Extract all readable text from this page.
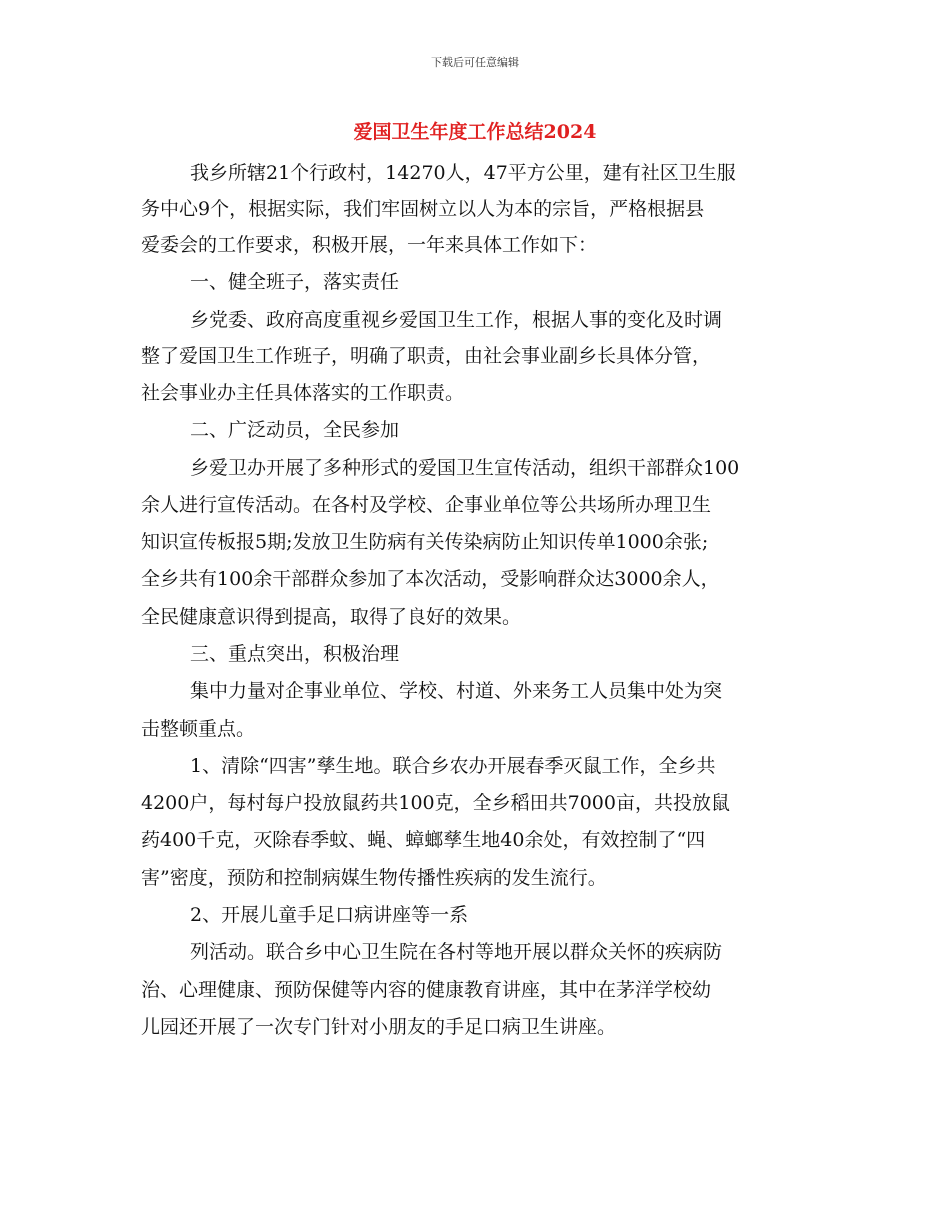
下载后可任意编辑
爱国卫生年度工作总结2024
我乡所辖21个行政村，14270人，47平方公里，建有社区卫生服
务中心9个，根据实际，我们牢固树立以人为本的宗旨，严格根据县
爱委会的工作要求，积极开展，一年来具体工作如下：
一、健全班子，落实责任
乡党委、政府高度重视乡爱国卫生工作，根据人事的变化及时调
整了爱国卫生工作班子，明确了职责，由社会事业副乡长具体分管，
社会事业办主任具体落实的工作职责。
二、广泛动员，全民参加
乡爱卫办开展了多种形式的爱国卫生宣传活动，组织干部群众100
余人进行宣传活动。在各村及学校、企事业单位等公共场所办理卫生
知识宣传板报5期;发放卫生防病有关传染病防止知识传单1000余张;
全乡共有100余干部群众参加了本次活动，受影响群众达3000余人，
全民健康意识得到提高，取得了良好的效果。
三、重点突出，积极治理
集中力量对企事业单位、学校、村道、外来务工人员集中处为突
击整顿重点。
1、清除“四害”孳生地。联合乡农办开展春季灭鼠工作，全乡共
4200户，每村每户投放鼠药共100克，全乡稻田共7000亩，共投放鼠
药400千克，灭除春季蚊、蝇、蟑螂孳生地40余处，有效控制了“四
害”密度，预防和控制病媒生物传播性疾病的发生流行。
2、开展儿童手足口病讲座等一系
列活动。联合乡中心卫生院在各村等地开展以群众关怀的疾病防
治、心理健康、预防保健等内容的健康教育讲座，其中在茅洋学校幼
儿园还开展了一次专门针对小朋友的手足口病卫生讲座。
